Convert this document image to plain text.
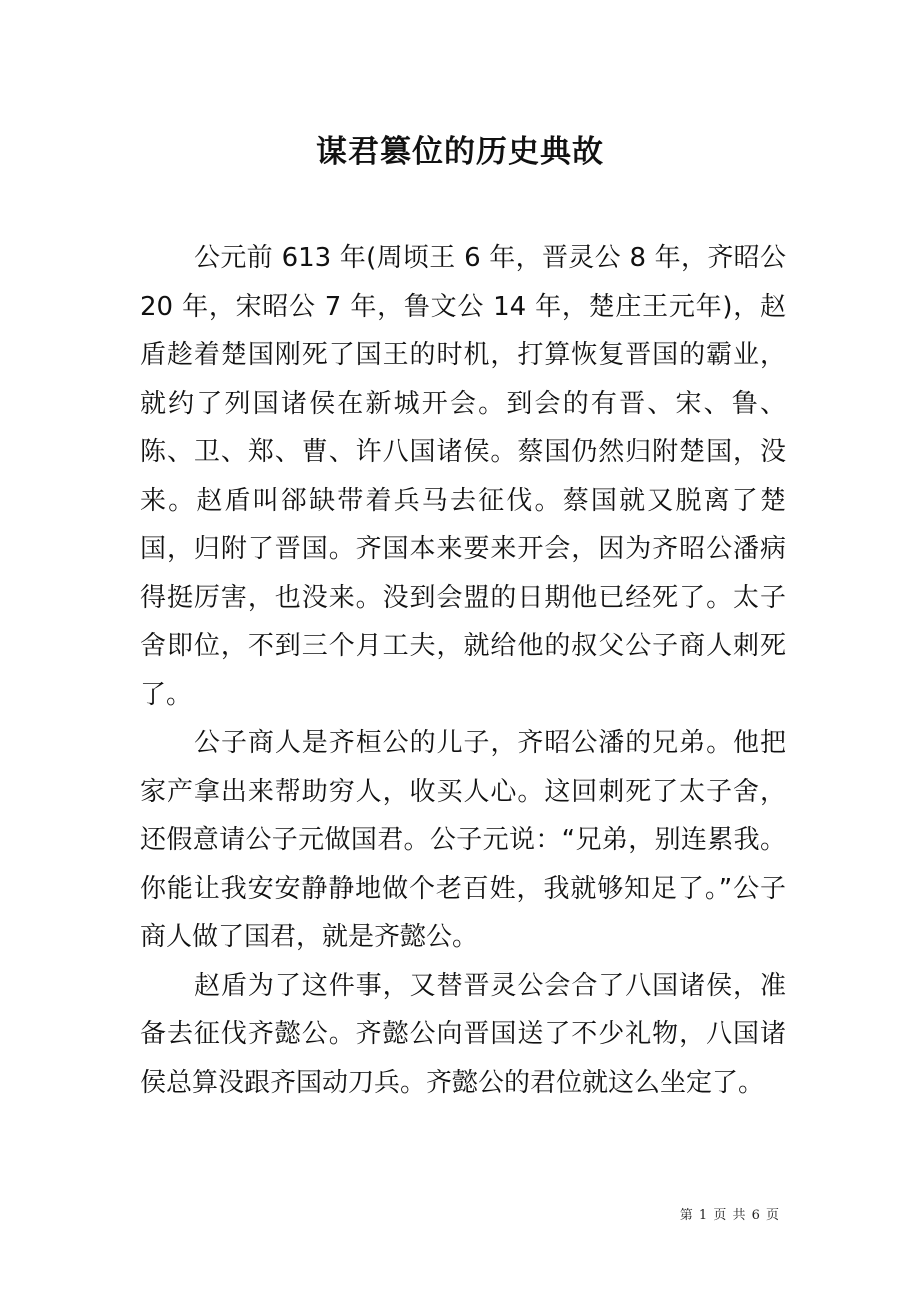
谋君篡位的历史典故

公元前 613 年(周顷王 6 年，晋灵公 8 年，齐昭公 20 年，宋昭公 7 年，鲁文公 14 年，楚庄王元年)，赵盾趁着楚国刚死了国王的时机，打算恢复晋国的霸业，就约了列国诸侯在新城开会。到会的有晋、宋、鲁、陈、卫、郑、曹、许八国诸侯。蔡国仍然归附楚国，没来。赵盾叫郤缺带着兵马去征伐。蔡国就又脱离了楚国，归附了晋国。齐国本来要来开会，因为齐昭公潘病得挺厉害，也没来。没到会盟的日期他已经死了。太子舍即位，不到三个月工夫，就给他的叔父公子商人刺死了。

公子商人是齐桓公的儿子，齐昭公潘的兄弟。他把家产拿出来帮助穷人，收买人心。这回刺死了太子舍，还假意请公子元做国君。公子元说：“兄弟，别连累我。你能让我安安静静地做个老百姓，我就够知足了。”公子商人做了国君，就是齐懿公。

赵盾为了这件事，又替晋灵公会合了八国诸侯，准备去征伐齐懿公。齐懿公向晋国送了不少礼物，八国诸侯总算没跟齐国动刀兵。齐懿公的君位就这么坐定了。

第 1 页 共 6 页
